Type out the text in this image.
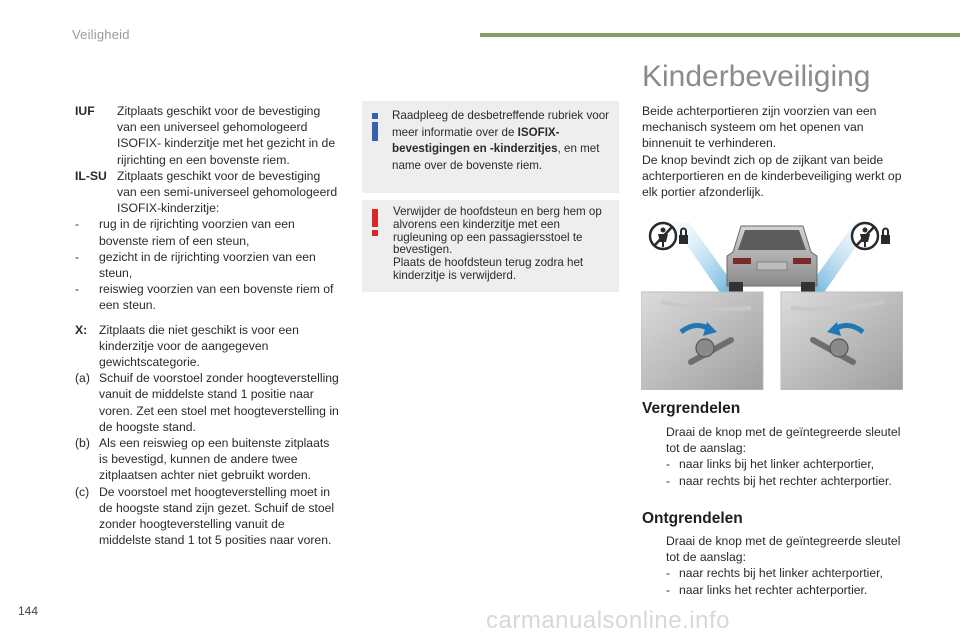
Veiligheid
IUF	Zitplaats geschikt voor de bevestiging van een universeel gehomologeerd ISOFIX- kinderzitje met het gezicht in de rijrichting en een bovenste riem.
IL-SU Zitplaats geschikt voor de bevestiging van een semi-universeel gehomologeerd ISOFIX-kinderzitje:
-	rug in de rijrichting voorzien van een bovenste riem of een steun,
-	gezicht in de rijrichting voorzien van een steun,
-	reiswieg voorzien van een bovenste riem of een steun.
X: Zitplaats die niet geschikt is voor een kinderzitje voor de aangegeven gewichtscategorie.
(a) Schuif de voorstoel zonder hoogteverstelling vanuit de middelste stand 1 positie naar voren. Zet een stoel met hoogteverstelling in de hoogste stand.
(b) Als een reiswieg op een buitenste zitplaats is bevestigd, kunnen de andere twee zitplaatsen achter niet gebruikt worden.
(c) De voorstoel met hoogteverstelling moet in de hoogste stand zijn gezet. Schuif de stoel zonder hoogteverstelling vanuit de middelste stand 1 tot 5 posities naar voren.
Raadpleeg de desbetreffende rubriek voor meer informatie over de ISOFIX-bevestigingen en -kinderzitjes, en met name over de bovenste riem.
Verwijder de hoofdsteun en berg hem op alvorens een kinderzitje met een rugleuning op een passagiersstoel te bevestigen.
Plaats de hoofdsteun terug zodra het kinderzitje is verwijderd.
Kinderbeveiliging
Beide achterportieren zijn voorzien van een mechanisch systeem om het openen van binnenuit te verhinderen.
De knop bevindt zich op de zijkant van beide achterportieren en de kinderbeveiliging werkt op elk portier afzonderlijk.
Vergrendelen
Draai de knop met de geïntegreerde sleutel tot de aanslag:
- naar links bij het linker achterportier,
- naar rechts bij het rechter achterportier.
Ontgrendelen
Draai de knop met de geïntegreerde sleutel tot de aanslag:
- naar rechts bij het linker achterportier,
- naar links het rechter achterportier.
144	carmanualsonline.info
